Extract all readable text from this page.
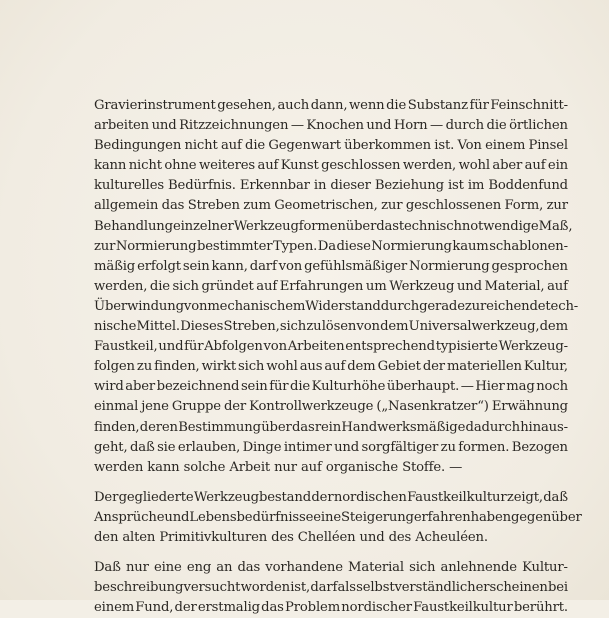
Gravierinstrument gesehen, auch dann, wenn die Substanz für Feinschnitt-
arbeiten und Ritzzeichnungen — Knochen und Horn — durch die örtlichen
Bedingungen nicht auf die Gegenwart überkommen ist. Von einem Pinsel
kann nicht ohne weiteres auf Kunst geschlossen werden, wohl aber auf ein
kulturelles Bedürfnis. Erkennbar in dieser Beziehung ist im Boddenfund
allgemein das Streben zum Geometrischen, zur geschlossenen Form, zur
Behandlung einzelner Werkzeugformen über das technisch notwendige Maß,
zur Normierung bestimmter Typen. Da diese Normierung kaum schablonen-
mäßig erfolgt sein kann, darf von gefühlsmäßiger Normierung gesprochen
werden, die sich gründet auf Erfahrungen um Werkzeug und Material, auf
Überwindung von mechanischem Widerstand durch gerade zureichende tech-
nische Mittel. Dieses Streben, sich zu lösen von dem Universalwerkzeug, dem
Faustkeil, und für Abfolgen von Arbeiten entsprechend typisierte Werkzeug-
folgen zu finden, wirkt sich wohl aus auf dem Gebiet der materiellen Kultur,
wird aber bezeichnend sein für die Kulturhöhe überhaupt. — Hier mag noch
einmal jene Gruppe der Kontrollwerkzeuge („Nasenkratzer“) Erwähnung
finden, deren Bestimmung über das rein Handwerksmäßige dadurch hinaus-
geht, daß sie erlauben, Dinge intimer und sorgfältiger zu formen. Bezogen
werden kann solche Arbeit nur auf organische Stoffe. —
Der gegliederte Werkzeugbestand der nordischen Faustkeilkultur zeigt, daß
Ansprüche und Lebensbedürfnisse eine Steigerung erfahren haben gegenüber
den alten Primitivkulturen des Chelléen und des Acheuléen.
Daß nur eine eng an das vorhandene Material sich anlehnende Kultur-
beschreibung versucht worden ist, darf als selbstverständlich erscheinen bei
einem Fund, der erstmalig das Problem nordischer Faustkeilkultur berührt.
